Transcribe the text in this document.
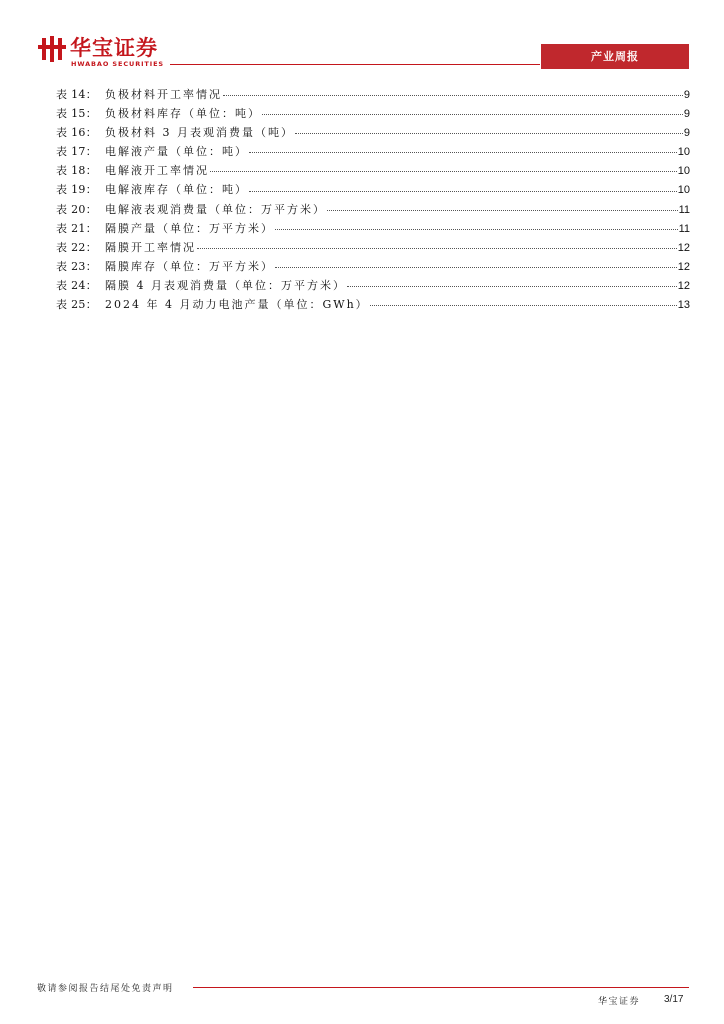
华宝证券
HWABAO SECURITIES
产业周报
表 14： 负极材料开工率情况	9
表 15： 负极材料库存（单位：吨）	9
表 16： 负极材料 3 月表观消费量（吨）	9
表 17： 电解液产量（单位：吨）	10
表 18： 电解液开工率情况	10
表 19： 电解液库存（单位：吨）	10
表 20： 电解液表观消费量（单位：万平方米）	11
表 21： 隔膜产量（单位：万平方米）	11
表 22： 隔膜开工率情况	12
表 23： 隔膜库存（单位：万平方米）	12
表 24： 隔膜 4 月表观消费量（单位：万平方米）	12
表 25： 2024 年 4 月动力电池产量（单位：GWh）	13
敬请参阅报告结尾处免责声明
华宝证券 3/17
